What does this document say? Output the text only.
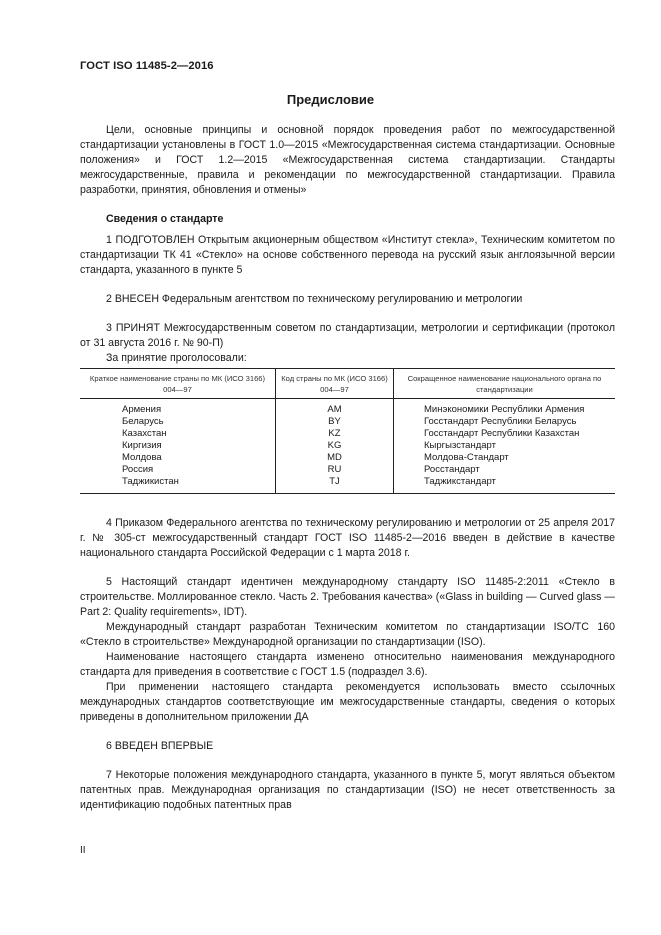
ГОСТ ISO 11485-2—2016
Предисловие

Цели, основные принципы и основной порядок проведения работ по межгосударственной стандартизации установлены в ГОСТ 1.0—2015 «Межгосударственная система стандартизации. Основные положения» и ГОСТ 1.2—2015 «Межгосударственная система стандартизации. Стандарты межгосударственные, правила и рекомендации по межгосударственной стандартизации. Правила разработки, принятия, обновления и отмены»

Сведения о стандарте

1 ПОДГОТОВЛЕН Открытым акционерным обществом «Институт стекла», Техническим комитетом по стандартизации ТК 41 «Стекло» на основе собственного перевода на русский язык англоязычной версии стандарта, указанного в пункте 5

2 ВНЕСЕН Федеральным агентством по техническому регулированию и метрологии

3 ПРИНЯТ Межгосударственным советом по стандартизации, метрологии и сертификации (протокол от 31 августа 2016 г. № 90-П)

За принятие проголосовали:

Краткое наименование страны по МК (ИСО 3166) 004—97	Код страны по МК (ИСО 3166) 004—97	Сокращенное наименование национального органа по стандартизации
Армения	AM	Минэкономики Республики Армения
Беларусь	BY	Госстандарт Республики Беларусь
Казахстан	KZ	Госстандарт Республики Казахстан
Киргизия	KG	Кыргызстандарт
Молдова	MD	Молдова-Стандарт
Россия	RU	Росстандарт
Таджикистан	TJ	Таджикстандарт

4 Приказом Федерального агентства по техническому регулированию и метрологии от 25 апреля 2017 г. № 305-ст межгосударственный стандарт ГОСТ ISO 11485-2—2016 введен в действие в качестве национального стандарта Российской Федерации с 1 марта 2018 г.

5 Настоящий стандарт идентичен международному стандарту ISO 11485-2:2011 «Стекло в строительстве. Моллированное стекло. Часть 2. Требования качества» («Glass in building — Curved glass — Part 2: Quality requirements», IDT).

Международный стандарт разработан Техническим комитетом по стандартизации ISO/TC 160 «Стекло в строительстве» Международной организации по стандартизации (ISO).

Наименование настоящего стандарта изменено относительно наименования международного стандарта для приведения в соответствие с ГОСТ 1.5 (подраздел 3.6).

При применении настоящего стандарта рекомендуется использовать вместо ссылочных международных стандартов соответствующие им межгосударственные стандарты, сведения о которых приведены в дополнительном приложении ДА

6 ВВЕДЕН ВПЕРВЫЕ

7 Некоторые положения международного стандарта, указанного в пункте 5, могут являться объектом патентных прав. Международная организация по стандартизации (ISO) не несет ответственность за идентификацию подобных патентных прав

II
